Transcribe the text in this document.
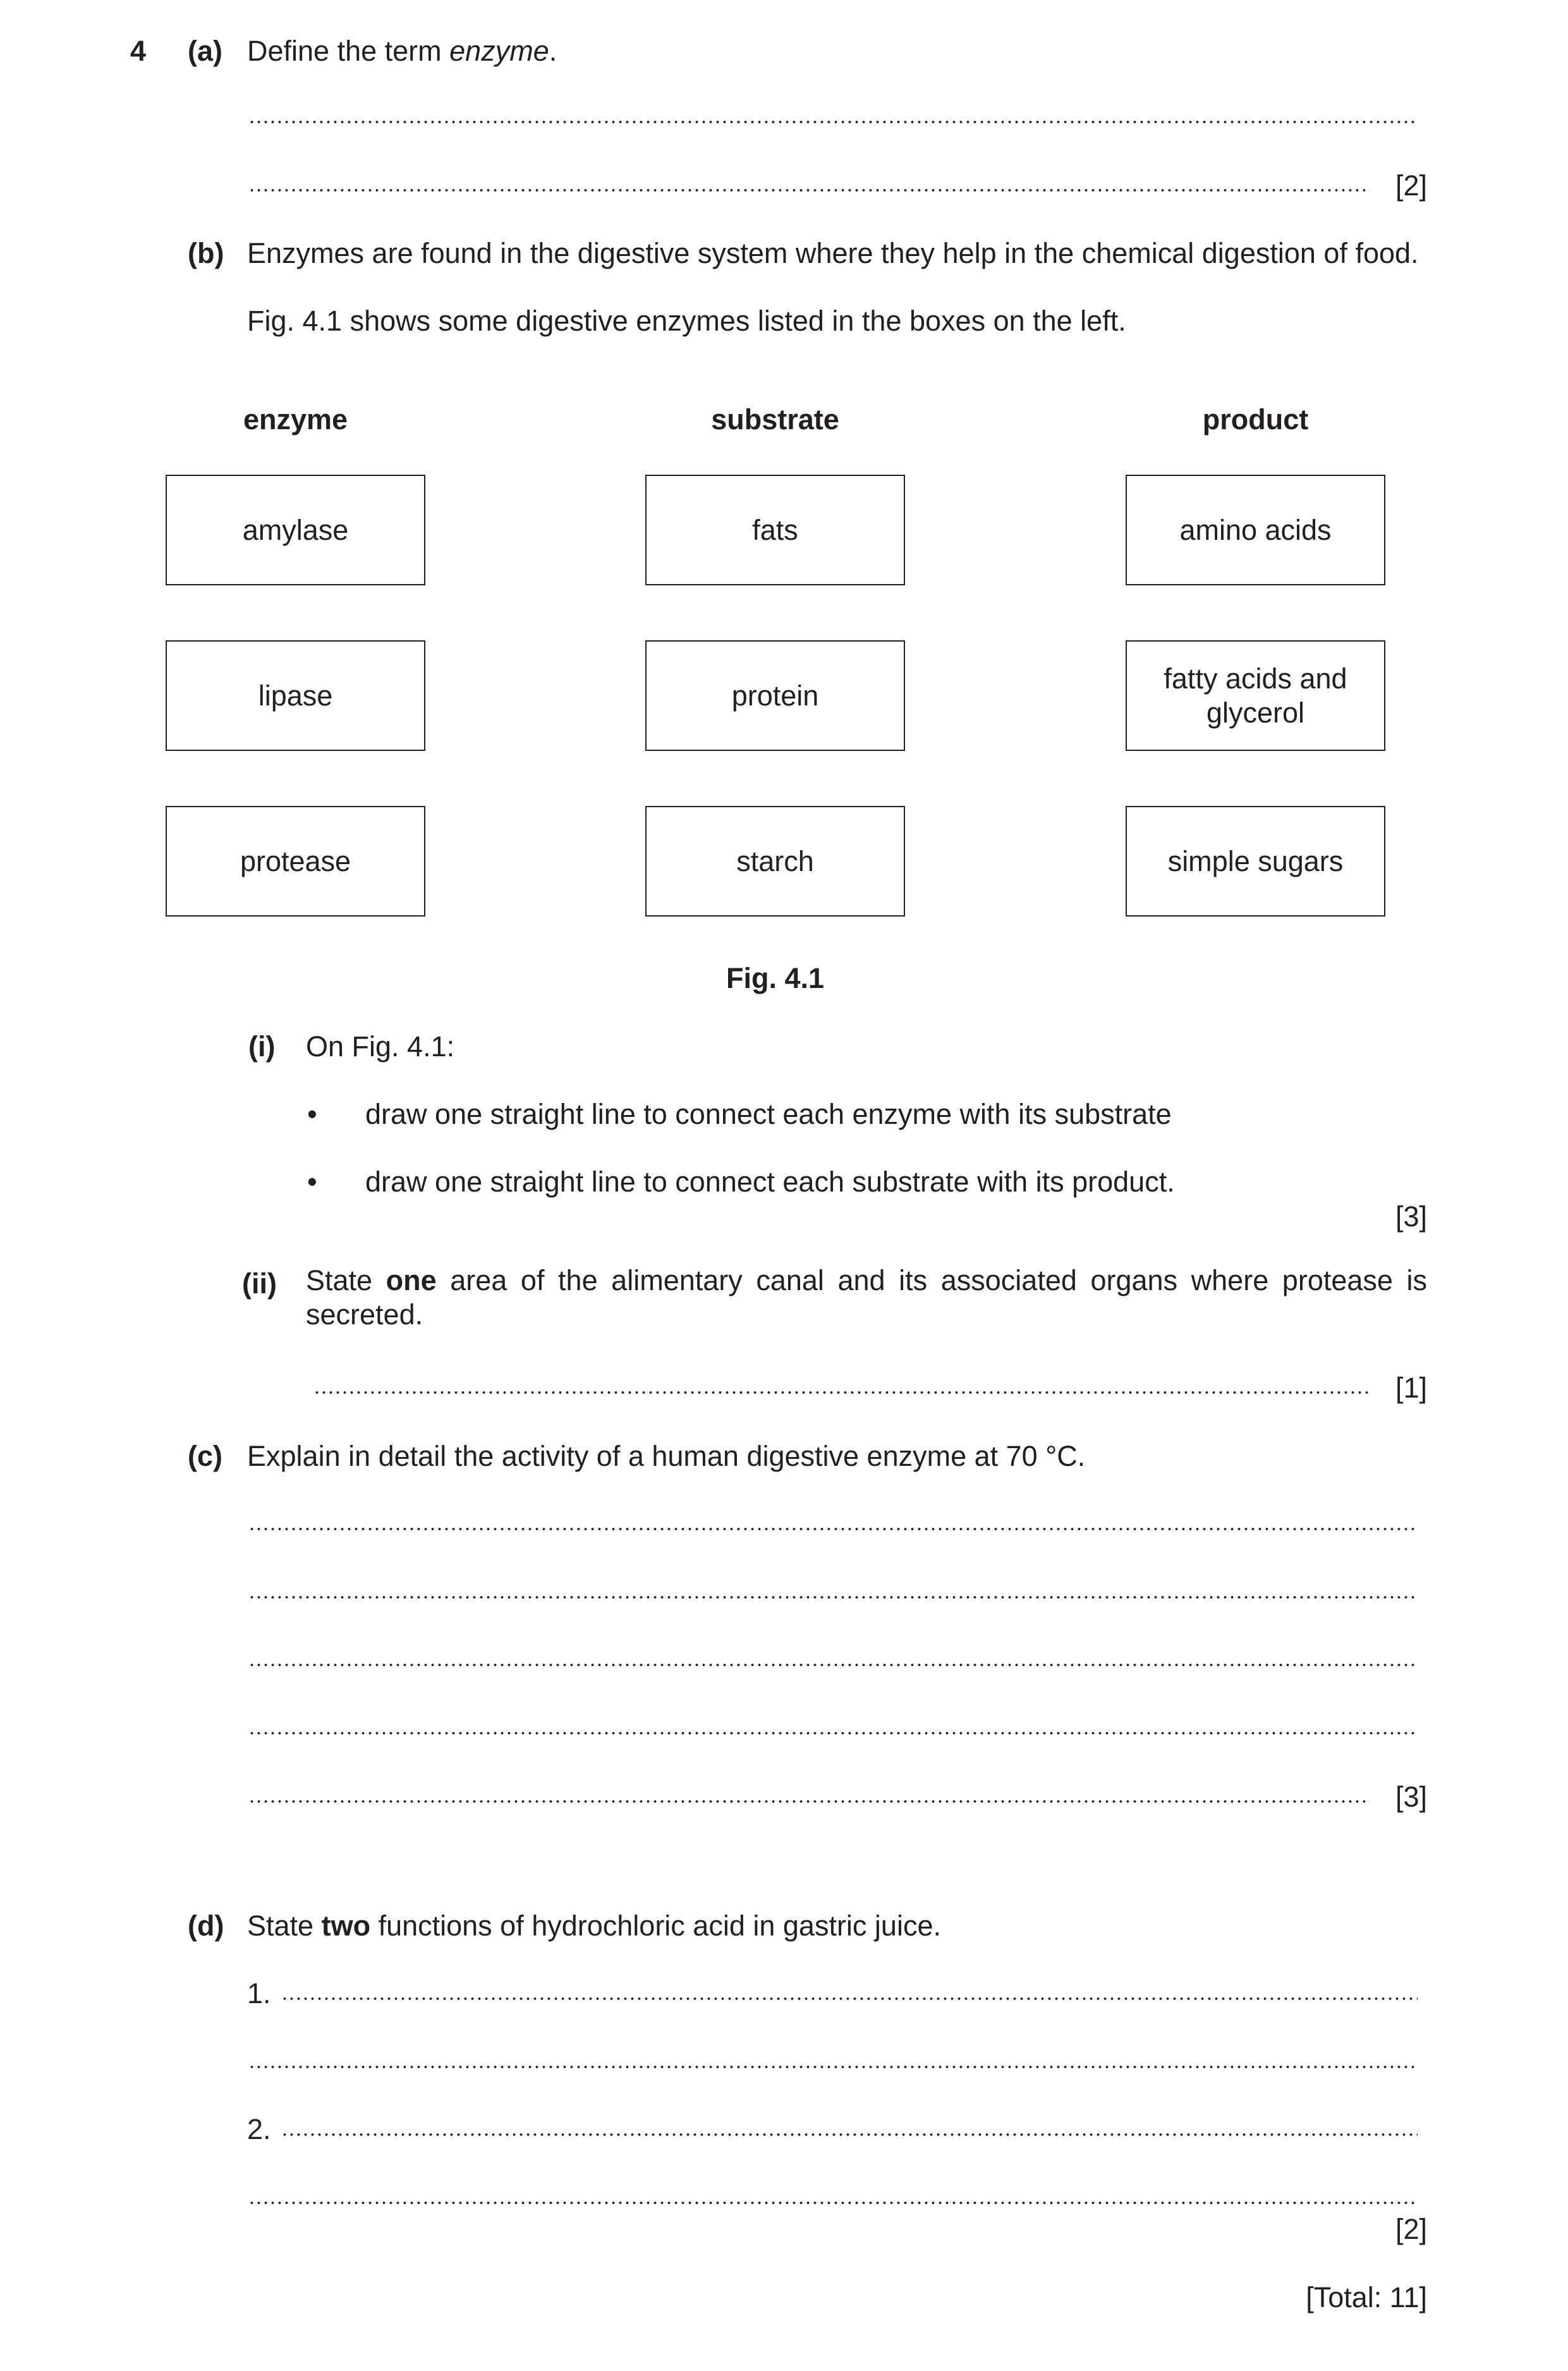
4 (a) Define the term enzyme.
[2]
(b) Enzymes are found in the digestive system where they help in the chemical digestion of food.
Fig. 4.1 shows some digestive enzymes listed in the boxes on the left.
enzyme	substrate	product
amylase
lipase
protease
fats
protein
starch
amino acids
fatty acids and
glycerol
simple sugars
Fig. 4.1
(i) On Fig. 4.1:
• draw one straight line to connect each enzyme with its substrate
• draw one straight line to connect each substrate with its product.
[3]
(ii) State one area of the alimentary canal and its associated organs where protease is secreted.
[1]
(c) Explain in detail the activity of a human digestive enzyme at 70 °C.
[3]
(d) State two functions of hydrochloric acid in gastric juice.
1.
2.
[2]
[Total: 11]
